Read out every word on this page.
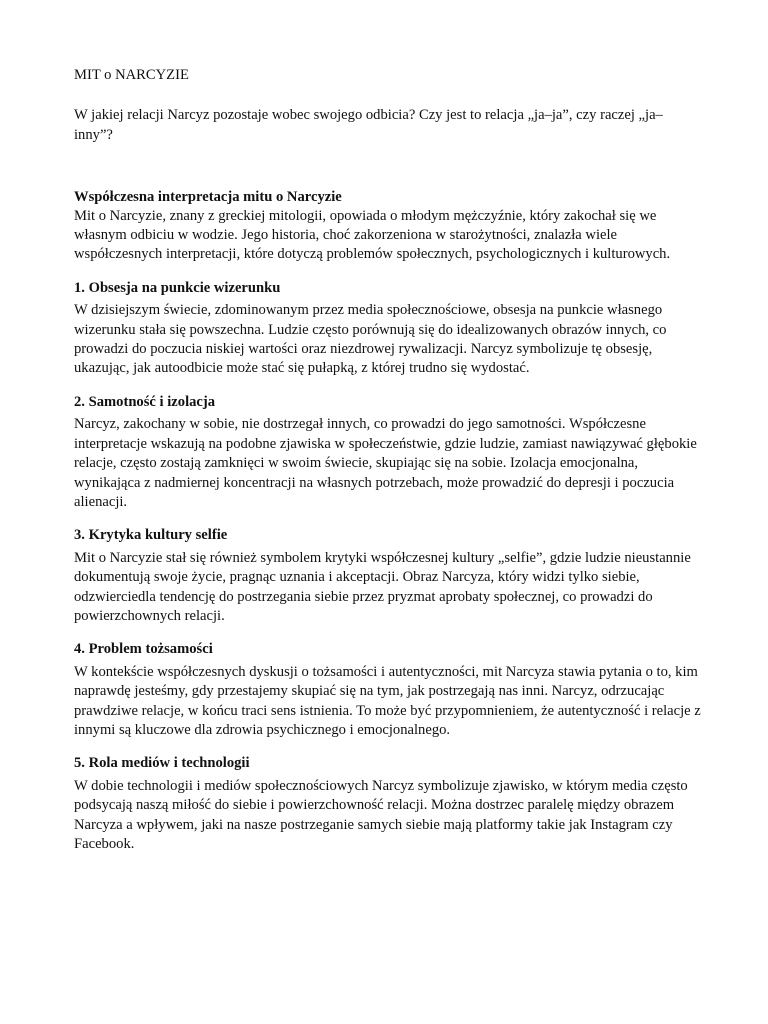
MIT o NARCYZIE

W jakiej relacji Narcyz pozostaje wobec swojego odbicia? Czy jest to relacja „ja–ja”, czy raczej „ja–inny”?

Współczesna interpretacja mitu o Narcyzie

Mit o Narcyzie, znany z greckiej mitologii, opowiada o młodym mężczyźnie, który zakochał się we własnym odbiciu w wodzie. Jego historia, choć zakorzeniona w starożytności, znalazła wiele współczesnych interpretacji, które dotyczą problemów społecznych, psychologicznych i kulturowych.

1. Obsesja na punkcie wizerunku

W dzisiejszym świecie, zdominowanym przez media społecznościowe, obsesja na punkcie własnego wizerunku stała się powszechna. Ludzie często porównują się do idealizowanych obrazów innych, co prowadzi do poczucia niskiej wartości oraz niezdrowej rywalizacji. Narcyz symbolizuje tę obsesję, ukazując, jak autoodbicie może stać się pułapką, z której trudno się wydostać.

2. Samotność i izolacja

Narcyz, zakochany w sobie, nie dostrzegał innych, co prowadzi do jego samotności. Współczesne interpretacje wskazują na podobne zjawiska w społeczeństwie, gdzie ludzie, zamiast nawiązywać głębokie relacje, często zostają zamknięci w swoim świecie, skupiając się na sobie. Izolacja emocjonalna, wynikająca z nadmiernej koncentracji na własnych potrzebach, może prowadzić do depresji i poczucia alienacji.

3. Krytyka kultury selfie

Mit o Narcyzie stał się również symbolem krytyki współczesnej kultury „selfie”, gdzie ludzie nieustannie dokumentują swoje życie, pragnąc uznania i akceptacji. Obraz Narcyza, który widzi tylko siebie, odzwierciedla tendencję do postrzegania siebie przez pryzmat aprobaty społecznej, co prowadzi do powierzchownych relacji.

4. Problem tożsamości

W kontekście współczesnych dyskusji o tożsamości i autentyczności, mit Narcyza stawia pytania o to, kim naprawdę jesteśmy, gdy przestajemy skupiać się na tym, jak postrzegają nas inni. Narcyz, odrzucając prawdziwe relacje, w końcu traci sens istnienia. To może być przypomnieniem, że autentyczność i relacje z innymi są kluczowe dla zdrowia psychicznego i emocjonalnego.

5. Rola mediów i technologii

W dobie technologii i mediów społecznościowych Narcyz symbolizuje zjawisko, w którym media często podsycają naszą miłość do siebie i powierzchowność relacji. Można dostrzec paralelę między obrazem Narcyza a wpływem, jaki na nasze postrzeganie samych siebie mają platformy takie jak Instagram czy Facebook.
